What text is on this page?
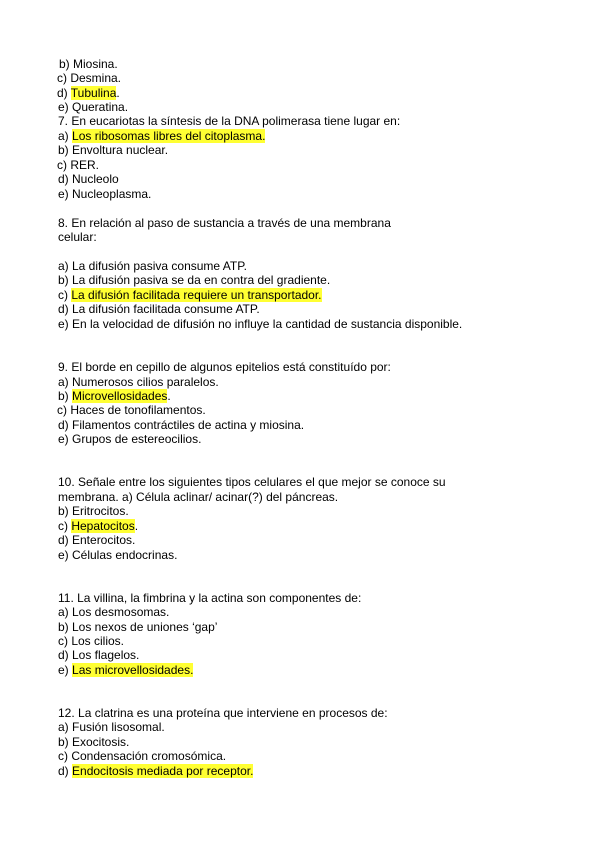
b) Miosina.
c) Desmina.
d) Tubulina.
e) Queratina.
7. En eucariotas la síntesis de la DNA polimerasa tiene lugar en:
a) Los ribosomas libres del citoplasma.
b) Envoltura nuclear.
c) RER.
d) Nucleolo
e) Nucleoplasma.
8. En relación al paso de sustancia a través de una membrana
celular:
a) La difusión pasiva consume ATP.
b) La difusión pasiva se da en contra del gradiente.
c) La difusión facilitada requiere un transportador.
d) La difusión facilitada consume ATP.
e) En la velocidad de difusión no influye la cantidad de sustancia disponible.
9. El borde en cepillo de algunos epitelios está constituído por:
a) Numerosos cilios paralelos.
b) Microvellosidades.
c) Haces de tonofilamentos.
d) Filamentos contráctiles de actina y miosina.
e) Grupos de estereocilios.
10. Señale entre los siguientes tipos celulares el que mejor se conoce su
membrana. a) Célula aclinar/ acinar(?) del páncreas.
b) Eritrocitos.
c) Hepatocitos.
d) Enterocitos.
e) Células endocrinas.
11. La villina, la fimbrina y la actina son componentes de:
a) Los desmosomas.
b) Los nexos de uniones ‘gap’
c) Los cilios.
d) Los flagelos.
e) Las microvellosidades.
12. La clatrina es una proteína que interviene en procesos de:
a) Fusión lisosomal.
b) Exocitosis.
c) Condensación cromosómica.
d) Endocitosis mediada por receptor.
